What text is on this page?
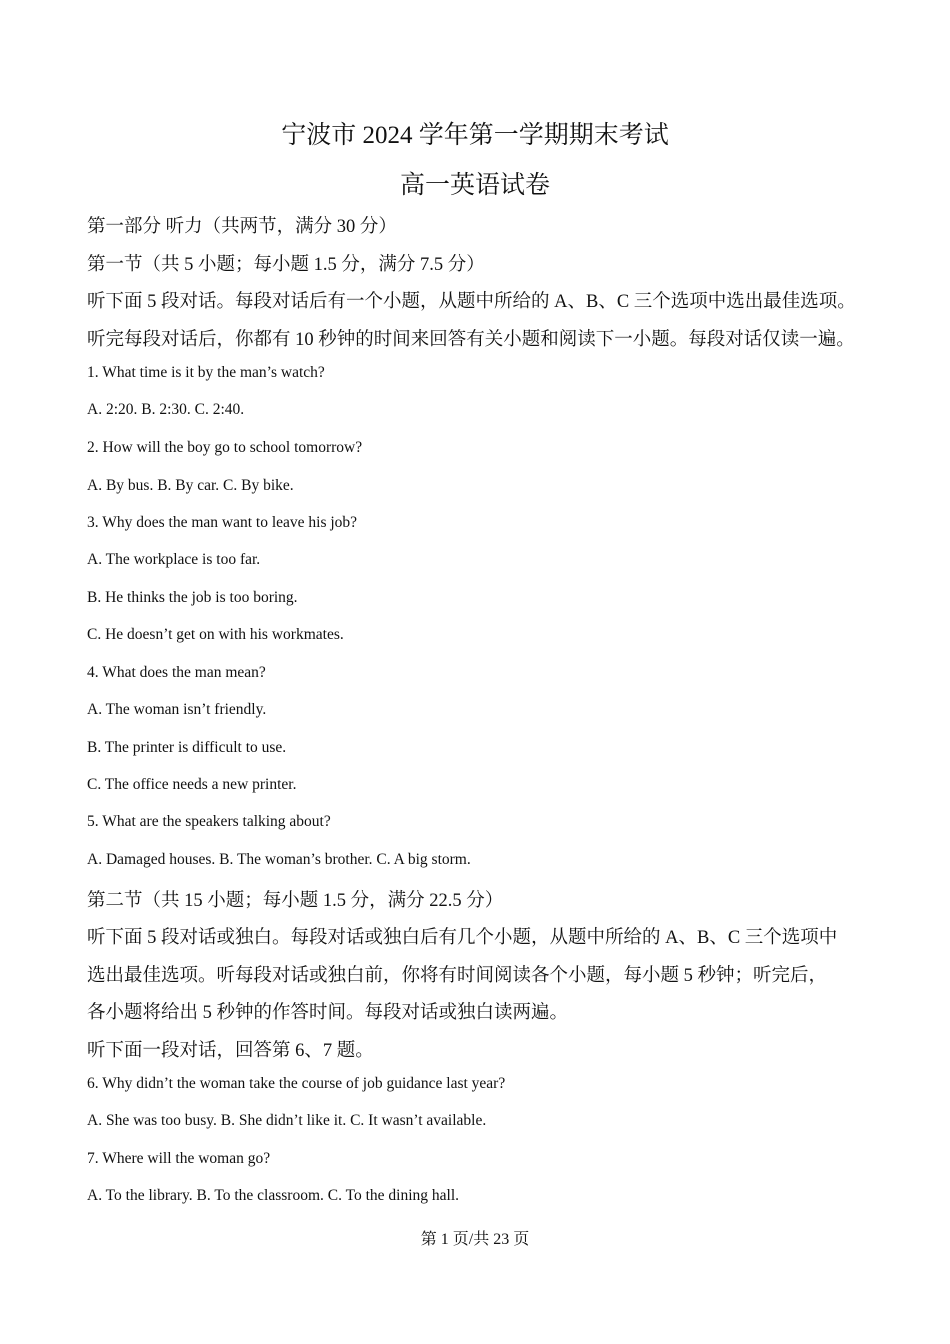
宁波市 2024 学年第一学期期末考试
高一英语试卷
第一部分 听力（共两节，满分 30 分）
第一节（共 5 小题；每小题 1.5 分，满分 7.5 分）
听下面 5 段对话。每段对话后有一个小题，从题中所给的 A、B、C 三个选项中选出最佳选项。
听完每段对话后，你都有 10 秒钟的时间来回答有关小题和阅读下一小题。每段对话仅读一遍。
1. What time is it by the man’s watch?
A. 2:20. B. 2:30. C. 2:40.
2. How will the boy go to school tomorrow?
A. By bus. B. By car. C. By bike.
3. Why does the man want to leave his job?
A. The workplace is too far.
B. He thinks the job is too boring.
C. He doesn’t get on with his workmates.
4. What does the man mean?
A. The woman isn’t friendly.
B. The printer is difficult to use.
C. The office needs a new printer.
5. What are the speakers talking about?
A. Damaged houses. B. The woman’s brother. C. A big storm.
第二节（共 15 小题；每小题 1.5 分，满分 22.5 分）
听下面 5 段对话或独白。每段对话或独白后有几个小题，从题中所给的 A、B、C 三个选项中
选出最佳选项。听每段对话或独白前，你将有时间阅读各个小题，每小题 5 秒钟；听完后，
各小题将给出 5 秒钟的作答时间。每段对话或独白读两遍。
听下面一段对话，回答第 6、7 题。
6. Why didn’t the woman take the course of job guidance last year?
A. She was too busy. B. She didn’t like it. C. It wasn’t available.
7. Where will the woman go?
A. To the library. B. To the classroom. C. To the dining hall.
第 1 页/共 23 页
